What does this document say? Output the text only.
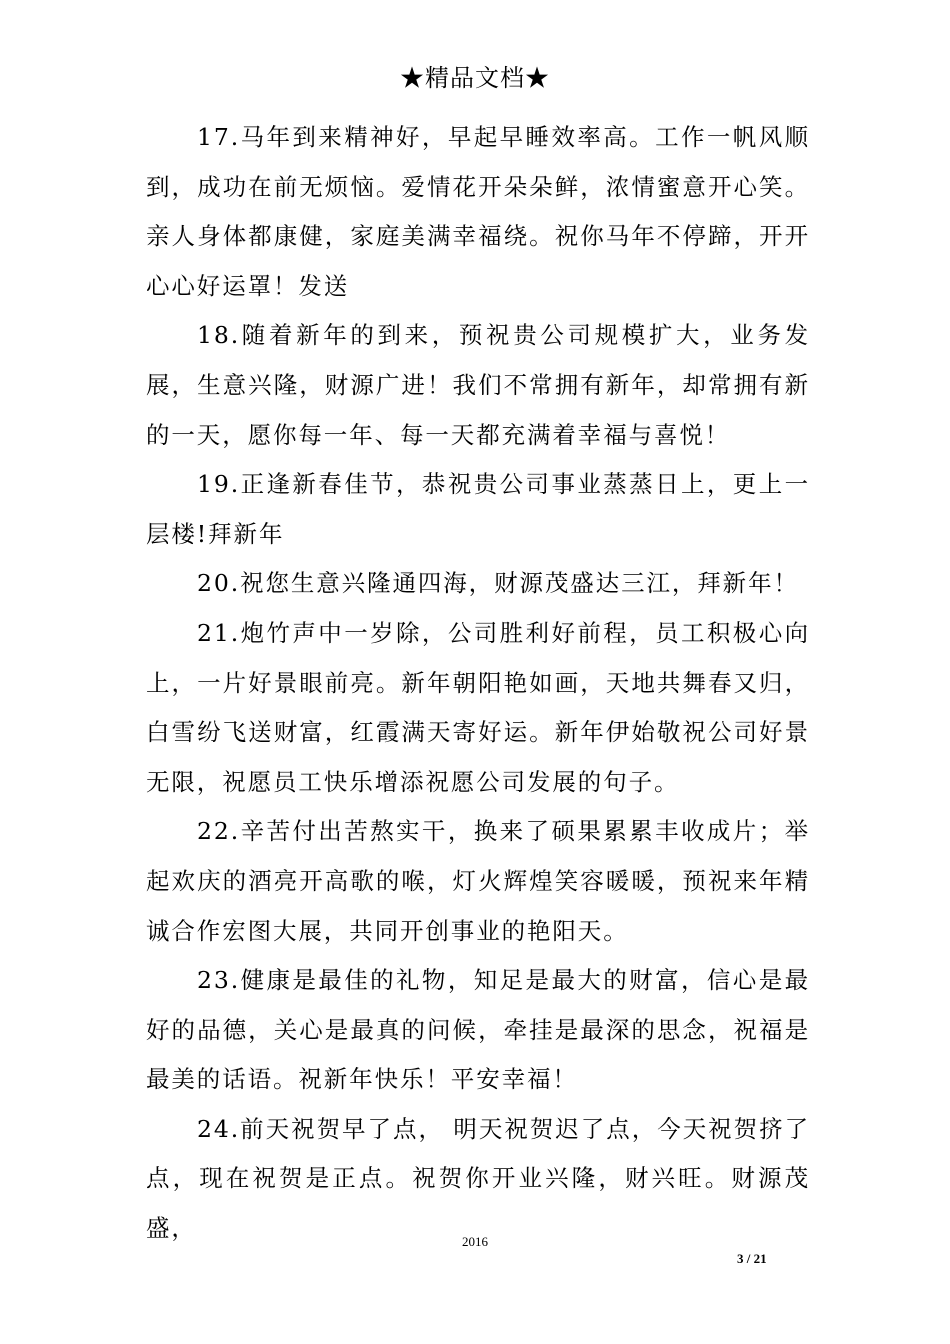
★精品文档★

17.马年到来精神好，早起早睡效率高。工作一帆风顺到，成功在前无烦恼。爱情花开朵朵鲜，浓情蜜意开心笑。亲人身体都康健，家庭美满幸福绕。祝你马年不停蹄，开开心心好运罩！发送

18.随着新年的到来，预祝贵公司规模扩大，业务发展，生意兴隆，财源广进！我们不常拥有新年，却常拥有新的一天，愿你每一年、每一天都充满着幸福与喜悦！

19.正逢新春佳节，恭祝贵公司事业蒸蒸日上，更上一层楼!拜新年

20.祝您生意兴隆通四海，财源茂盛达三江，拜新年！

21.炮竹声中一岁除，公司胜利好前程，员工积极心向上，一片好景眼前亮。新年朝阳艳如画，天地共舞春又归，白雪纷飞送财富，红霞满天寄好运。新年伊始敬祝公司好景无限，祝愿员工快乐增添祝愿公司发展的句子。

22.辛苦付出苦熬实干，换来了硕果累累丰收成片；举起欢庆的酒亮开高歌的喉，灯火辉煌笑容暖暖，预祝来年精诚合作宏图大展，共同开创事业的艳阳天。

23.健康是最佳的礼物，知足是最大的财富，信心是最好的品德，关心是最真的问候，牵挂是最深的思念，祝福是最美的话语。祝新年快乐！平安幸福！

24.前天祝贺早了点， 明天祝贺迟了点，今天祝贺挤了点，现在祝贺是正点。祝贺你开业兴隆，财兴旺。财源茂盛，	2016
3 / 21
